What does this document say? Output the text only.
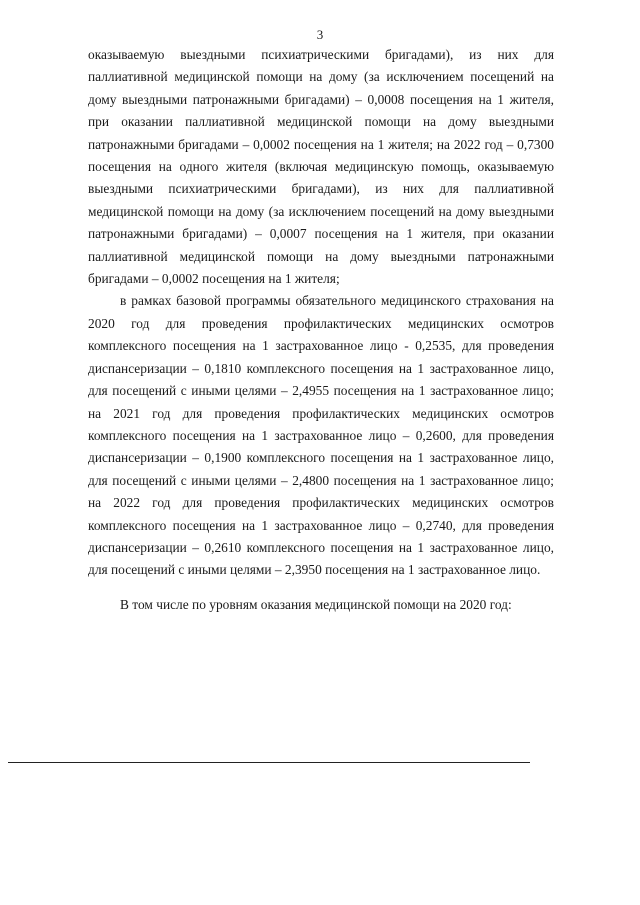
3

оказываемую выездными психиатрическими бригадами), из них для паллиативной медицинской помощи на дому (за исключением посещений на дому выездными патронажными бригадами) – 0,0008 посещения на 1 жителя, при оказании паллиативной медицинской помощи на дому выездными патронажными бригадами – 0,0002 посещения на 1 жителя; на 2022 год – 0,7300 посещения на одного жителя (включая медицинскую помощь, оказываемую выездными психиатрическими бригадами), из них для паллиативной медицинской помощи на дому (за исключением посещений на дому выездными патронажными бригадами) – 0,0007 посещения на 1 жителя, при оказании паллиативной медицинской помощи на дому выездными патронажными бригадами – 0,0002 посещения на 1 жителя;

в рамках базовой программы обязательного медицинского страхования на 2020 год для проведения профилактических медицинских осмотров комплексного посещения на 1 застрахованное лицо - 0,2535, для проведения диспансеризации – 0,1810 комплексного посещения на 1 застрахованное лицо, для посещений с иными целями – 2,4955 посещения на 1 застрахованное лицо; на 2021 год для проведения профилактических медицинских осмотров комплексного посещения на 1 застрахованное лицо – 0,2600, для проведения диспансеризации – 0,1900 комплексного посещения на 1 застрахованное лицо, для посещений с иными целями – 2,4800 посещения на 1 застрахованное лицо; на 2022 год для проведения профилактических медицинских осмотров комплексного посещения на 1 застрахованное лицо – 0,2740, для проведения диспансеризации – 0,2610 комплексного посещения на 1 застрахованное лицо, для посещений с иными целями – 2,3950 посещения на 1 застрахованное лицо.

В том числе по уровням оказания медицинской помощи на 2020 год:
